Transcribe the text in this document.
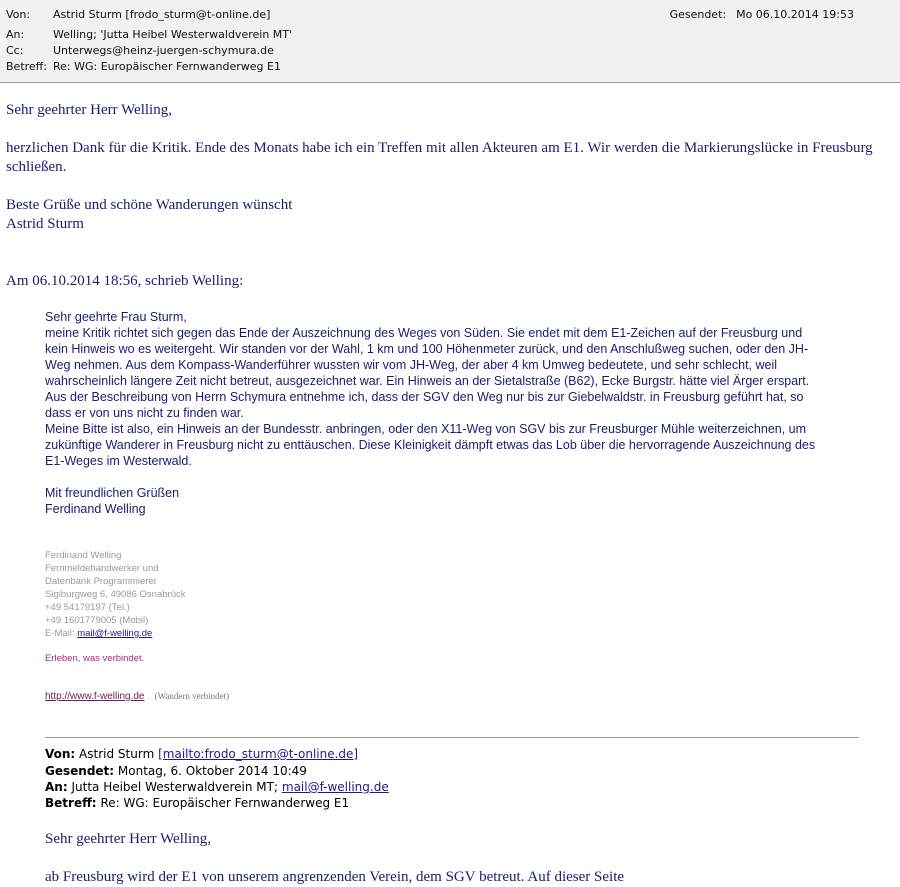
Von: Astrid Sturm [frodo_sturm@t-online.de]
An:	Welling; 'Jutta Heibel Westerwaldverein MT'
Cc:	Unterwegs@heinz-juergen-schymura.de
Betreff: Re: WG: Europäischer Fernwanderweg E1
Gesendet: Mo 06.10.2014 19:53
Sehr geehrter Herr Welling,
herzlichen Dank für die Kritik. Ende des Monats habe ich ein Treffen mit allen Akteuren am E1. Wir werden die Markierungslücke in Freusburg
schließen.
Beste Grüße und schöne Wanderungen wünscht
Astrid Sturm
Am 06.10.2014 18:56, schrieb Welling:
Sehr geehrte Frau Sturm,
meine Kritik richtet sich gegen das Ende der Auszeichnung des Weges von Süden. Sie endet mit dem E1-Zeichen auf der Freusburg und
kein Hinweis wo es weitergeht. Wir standen vor der Wahl, 1 km und 100 Höhenmeter zurück, und den Anschlußweg suchen, oder den JH-
Weg nehmen. Aus dem Kompass-Wanderführer wussten wir vom JH-Weg, der aber 4 km Umweg bedeutete, und sehr schlecht, weil
wahrscheinlich längere Zeit nicht betreut, ausgezeichnet war. Ein Hinweis an der Sietalstraße (B62), Ecke Burgstr. hätte viel Ärger erspart.
Aus der Beschreibung von Herrn Schymura entnehme ich, dass der SGV den Weg nur bis zur Giebelwaldstr. in Freusburg geführt hat, so
dass er von uns nicht zu finden war.
Meine Bitte ist also, ein Hinweis an der Bundesstr. anbringen, oder den X11-Weg von SGV bis zur Freusburger Mühle weiterzeichnen, um
zukünftige Wanderer in Freusburg nicht zu enttäuschen. Diese Kleinigkeit dämpft etwas das Lob über die hervorragende Auszeichnung des
E1-Weges im Westerwald.
Mit freundlichen Grüßen
Ferdinand Welling
Ferdinand Welling
Fernmeldehandwerker und
Datenbank Programmierer
Sigiburgweg 6, 49086 Osnabrück
+49 54179197 (Tel.)
+49 1601779005 (Mobil)
E-Mail: mail@f-welling.de
Erleben, was verbindet.
http://www.f-welling.de (Wandern verbindet)
Von: Astrid Sturm [mailto:frodo_sturm@t-online.de]
Gesendet: Montag, 6. Oktober 2014 10:49
An: Jutta Heibel Westerwaldverein MT; mail@f-welling.de
Betreff: Re: WG: Europäischer Fernwanderweg E1
Sehr geehrter Herr Welling,
ab Freusburg wird der E1 von unserem angrenzenden Verein, dem SGV betreut. Auf dieser Seite
